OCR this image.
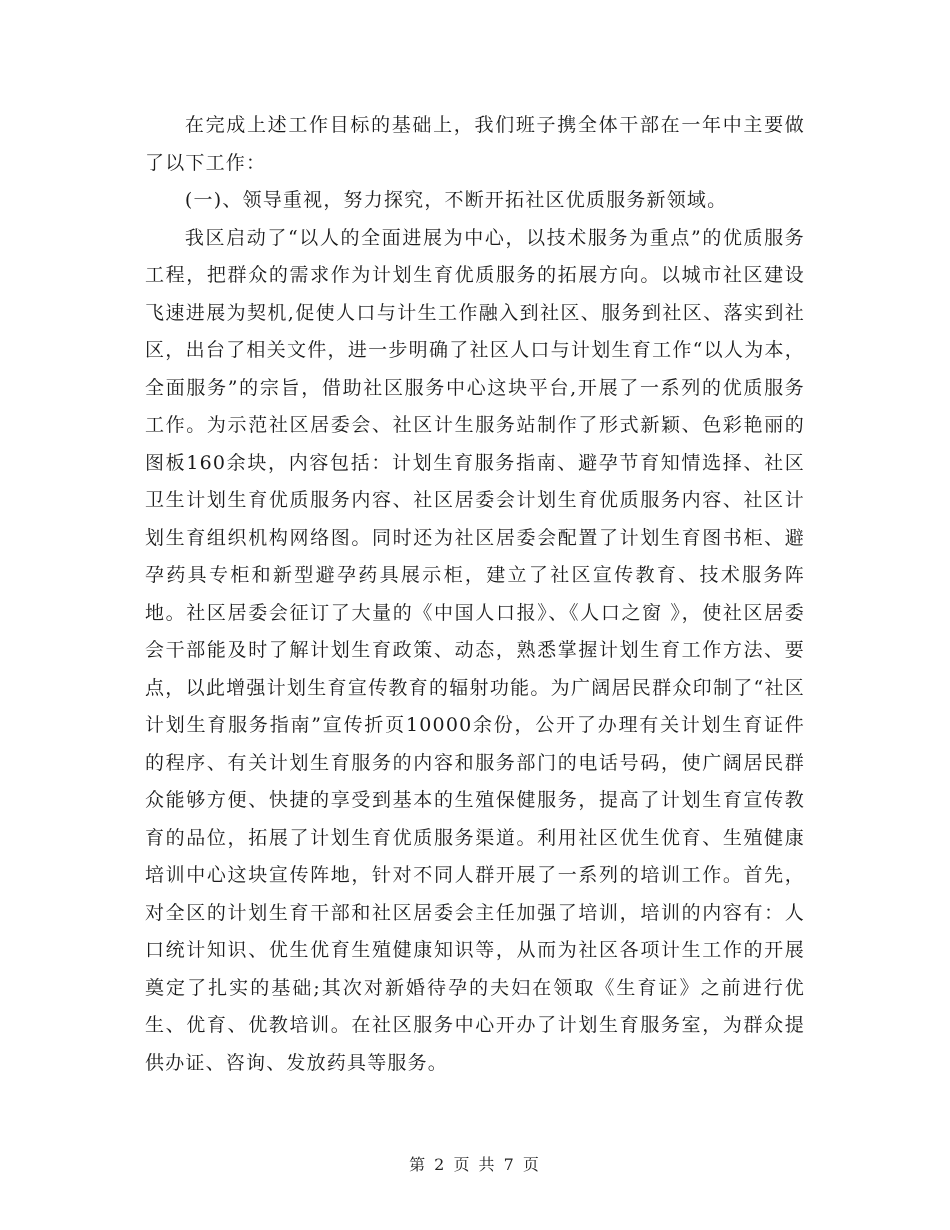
在完成上述工作目标的基础上，我们班子携全体干部在一年中主要做了以下工作：

(一)、领导重视，努力探究，不断开拓社区优质服务新领域。

我区启动了“以人的全面进展为中心，以技术服务为重点”的优质服务工程，把群众的需求作为计划生育优质服务的拓展方向。以城市社区建设飞速进展为契机,促使人口与计生工作融入到社区、服务到社区、落实到社区，出台了相关文件，进一步明确了社区人口与计划生育工作“以人为本，全面服务”的宗旨，借助社区服务中心这块平台,开展了一系列的优质服务工作。为示范社区居委会、社区计生服务站制作了形式新颖、色彩艳丽的图板160余块，内容包括：计划生育服务指南、避孕节育知情选择、社区卫生计划生育优质服务内容、社区居委会计划生育优质服务内容、社区计划生育组织机构网络图。同时还为社区居委会配置了计划生育图书柜、避孕药具专柜和新型避孕药具展示柜，建立了社区宣传教育、技术服务阵地。社区居委会征订了大量的《中国人口报》、《人口之窗 》，使社区居委会干部能及时了解计划生育政策、动态，熟悉掌握计划生育工作方法、要点，以此增强计划生育宣传教育的辐射功能。为广阔居民群众印制了“社区计划生育服务指南”宣传折页10000余份，公开了办理有关计划生育证件的程序、有关计划生育服务的内容和服务部门的电话号码，使广阔居民群众能够方便、快捷的享受到基本的生殖保健服务，提高了计划生育宣传教育的品位，拓展了计划生育优质服务渠道。利用社区优生优育、生殖健康培训中心这块宣传阵地，针对不同人群开展了一系列的培训工作。首先，对全区的计划生育干部和社区居委会主任加强了培训，培训的内容有：人口统计知识、优生优育生殖健康知识等，从而为社区各项计生工作的开展奠定了扎实的基础;其次对新婚待孕的夫妇在领取《生育证》之前进行优生、优育、优教培训。在社区服务中心开办了计划生育服务室，为群众提供办证、咨询、发放药具等服务。

第 2 页 共 7 页
